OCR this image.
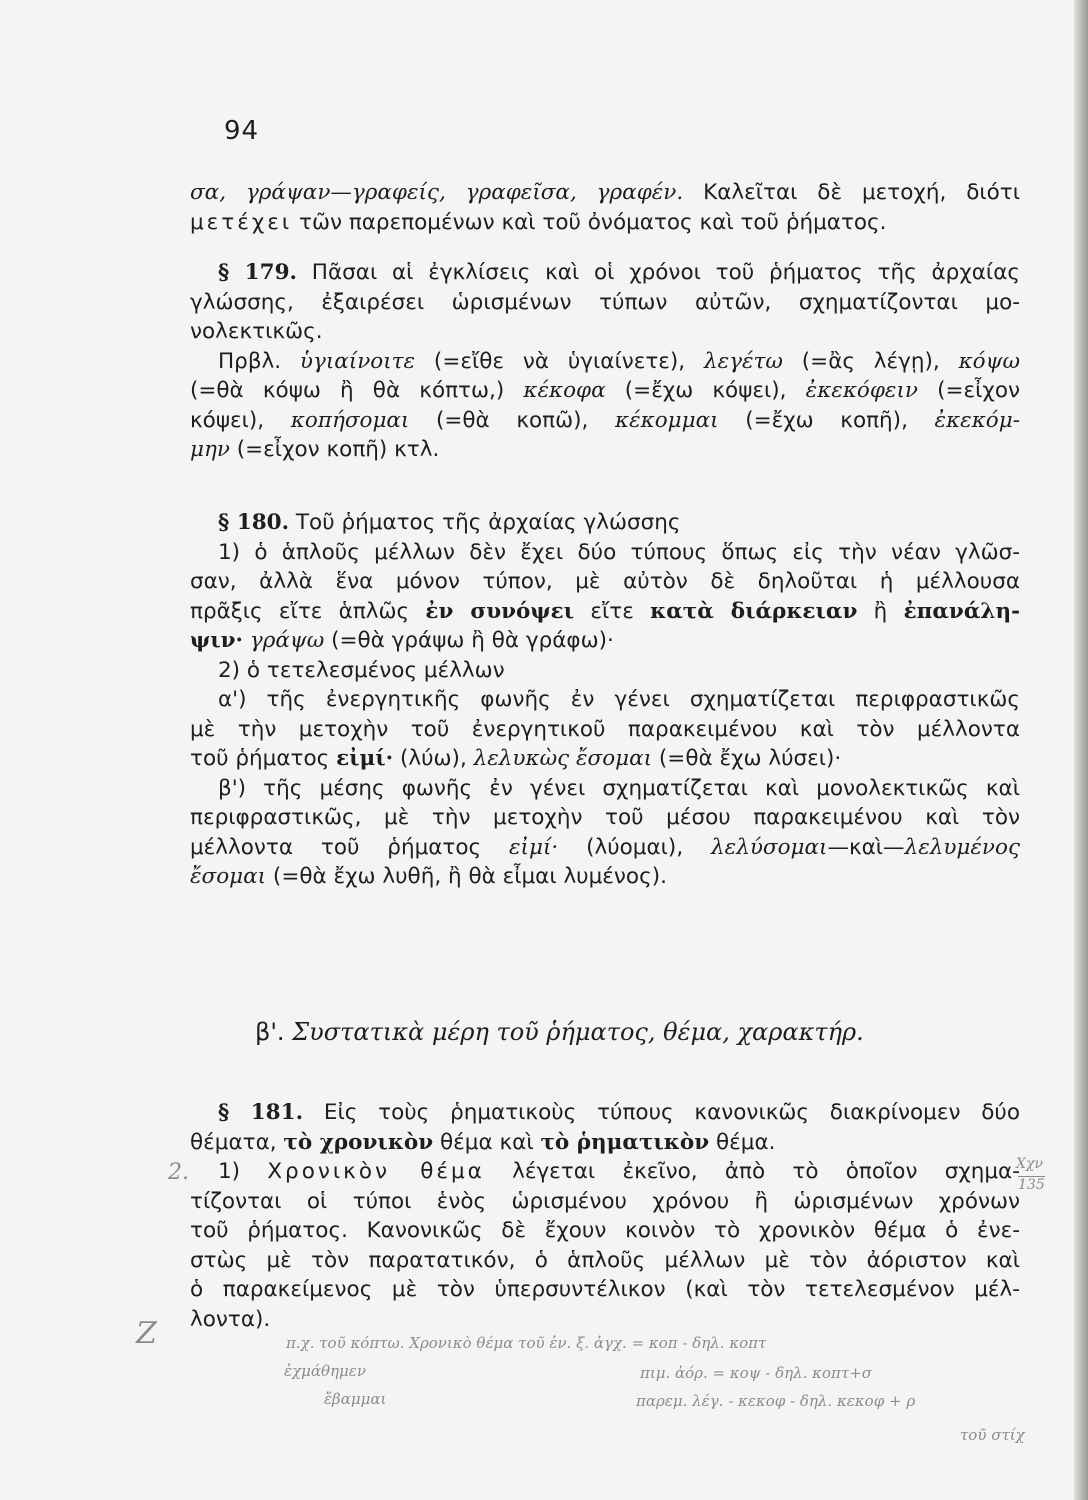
94
σα, γράψαν—γραφείς, γραφεῖσα, γραφέν. Καλεῖται δὲ μετοχή, διότι
μετέχει τῶν παρεπομένων καὶ τοῦ ὀνόματος καὶ τοῦ ῥήματος.
§ 179. Πᾶσαι αἱ ἐγκλίσεις καὶ οἱ χρόνοι τοῦ ῥήματος τῆς ἀρχαίας
γλώσσης, ἐξαιρέσει ὡρισμένων τύπων αὐτῶν, σχηματίζονται μο-
νολεκτικῶς.
Πρβλ. ὑγιαίνοιτε (=εἴθε νὰ ὑγιαίνετε), λεγέτω (=ἂς λέγῃ), κόψω
(=θὰ κόψω ἢ θὰ κόπτω,) κέκοφα (=ἔχω κόψει), ἐκεκόφειν (=εἶχον
κόψει), κοπήσομαι (=θὰ κοπῶ), κέκομμαι (=ἔχω κοπῆ), ἐκεκόμ-
μην (=εἶχον κοπῆ) κτλ.
§ 180. Τοῦ ῥήματος τῆς ἀρχαίας γλώσσης
1) ὁ ἁπλοῦς μέλλων δὲν ἔχει δύο τύπους ὅπως εἰς τὴν νέαν γλῶσ-
σαν, ἀλλὰ ἕνα μόνον τύπον, μὲ αὐτὸν δὲ δηλοῦται ἡ μέλλουσα
πρᾶξις εἴτε ἁπλῶς ἐν συνόψει εἴτε κατὰ διάρκειαν ἢ ἐπανάλη-
ψιν· γράψω (=θὰ γράψω ἢ θὰ γράφω)·
2) ὁ τετελεσμένος μέλλων
α') τῆς ἐνεργητικῆς φωνῆς ἐν γένει σχηματίζεται περιφραστικῶς
μὲ τὴν μετοχὴν τοῦ ἐνεργητικοῦ παρακειμένου καὶ τὸν μέλλοντα
τοῦ ῥήματος εἰμί· (λύω), λελυκὼς ἔσομαι (=θὰ ἔχω λύσει)·
β') τῆς μέσης φωνῆς ἐν γένει σχηματίζεται καὶ μονολεκτικῶς καὶ
περιφραστικῶς, μὲ τὴν μετοχὴν τοῦ μέσου παρακειμένου καὶ τὸν
μέλλοντα τοῦ ῥήματος εἰμί· (λύομαι), λελύσομαι—καὶ—λελυμένος
ἔσομαι (=θὰ ἔχω λυθῆ, ἢ θὰ εἶμαι λυμένος).
β'. Συστατικὰ μέρη τοῦ ῥήματος, θέμα, χαρακτήρ.
§ 181. Εἰς τοὺς ῥηματικοὺς τύπους κανονικῶς διακρίνομεν δύο
θέματα, τὸ χρονικὸν θέμα καὶ τὸ ῥηματικὸν θέμα.
1) Χρονικὸν θέμα λέγεται ἐκεῖνο, ἀπὸ τὸ ὁποῖον σχημα-
τίζονται οἱ τύποι ἑνὸς ὡρισμένου χρόνου ἢ ὡρισμένων χρόνων
τοῦ ῥήματος. Κανονικῶς δὲ ἔχουν κοινὸν τὸ χρονικὸν θέμα ὁ ἐνε-
στὼς μὲ τὸν παρατατικόν, ὁ ἁπλοῦς μέλλων μὲ τὸν ἀόριστον καὶ
ὁ παρακείμενος μὲ τὸν ὑπερσυντέλικον (καὶ τὸν τετελεσμένον μέλ-
λοντα).
2.	Χχν
135
Ζ	π.χ. τοῦ κόπτω. Χρονικὸ θέμα τοῦ ἐν. ξ. ἁγχ. = κοπ - δηλ. κοπτ
ἐχμάθημεν	πιμ. ἀόρ. = κοψ - δηλ. κοπτ+σ
ἔβαμμαι	παρεμ. λέγ. - κεκοφ - δηλ. κεκοφ + ρ
τοῦ στίχ
